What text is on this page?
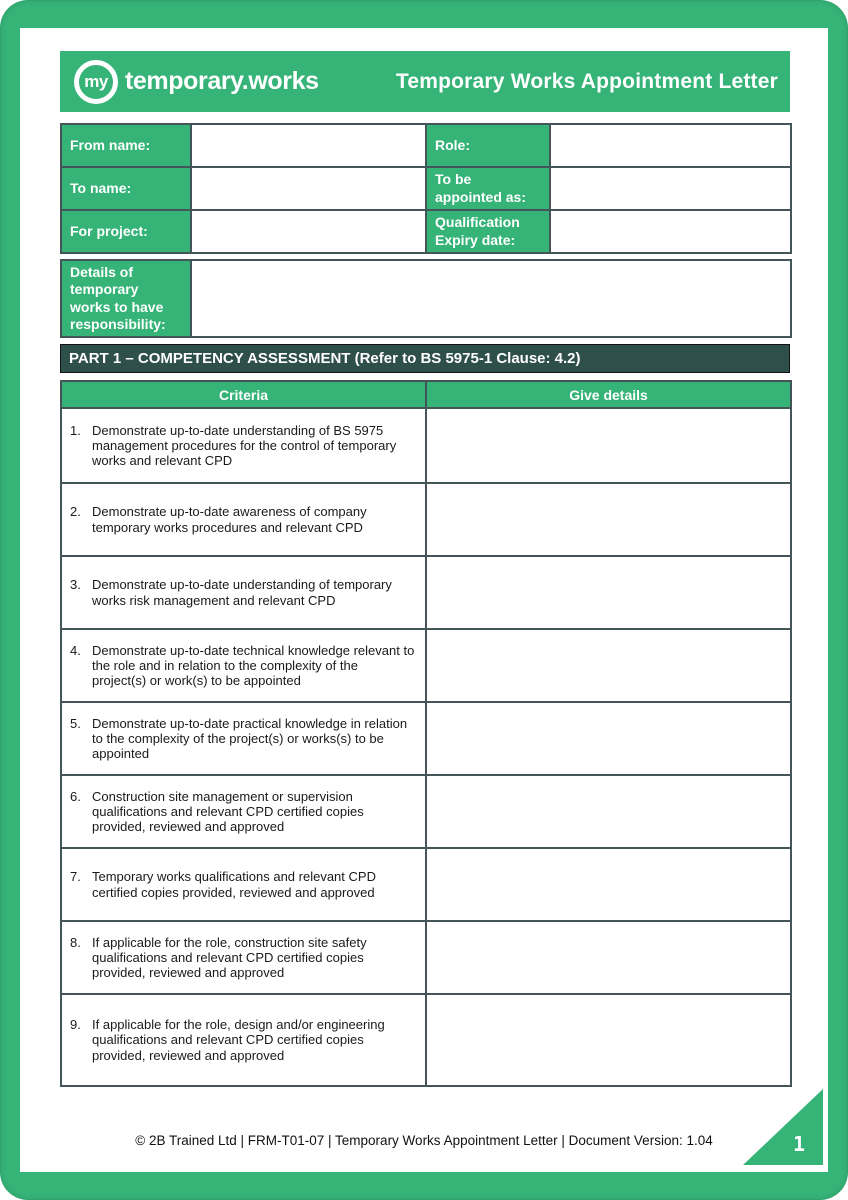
my temporary.works	Temporary Works Appointment Letter
From name:		Role:	
To name:		To be appointed as:	
For project:		Qualification Expiry date:	
Details of temporary works to have responsibility:	
PART 1 – COMPETENCY ASSESSMENT (Refer to BS 5975-1 Clause: 4.2)
Criteria	Give details

1. Demonstrate up-to-date understanding of BS 5975 management procedures for the control of temporary works and relevant CPD	

2. Demonstrate up-to-date awareness of company temporary works procedures and relevant CPD	

3. Demonstrate up-to-date understanding of temporary works risk management and relevant CPD	

4. Demonstrate up-to-date technical knowledge relevant to the role and in relation to the complexity of the project(s) or work(s) to be appointed	

5. Demonstrate up-to-date practical knowledge in relation to the complexity of the project(s) or works(s) to be appointed	

6. Construction site management or supervision qualifications and relevant CPD certified copies provided, reviewed and approved	

7. Temporary works qualifications and relevant CPD certified copies provided, reviewed and approved	

8. If applicable for the role, construction site safety qualifications and relevant CPD certified copies provided, reviewed and approved	

9. If applicable for the role, design and/or engineering qualifications and relevant CPD certified copies provided, reviewed and approved	

© 2B Trained Ltd | FRM-T01-07 | Temporary Works Appointment Letter | Document Version: 1.04	1
